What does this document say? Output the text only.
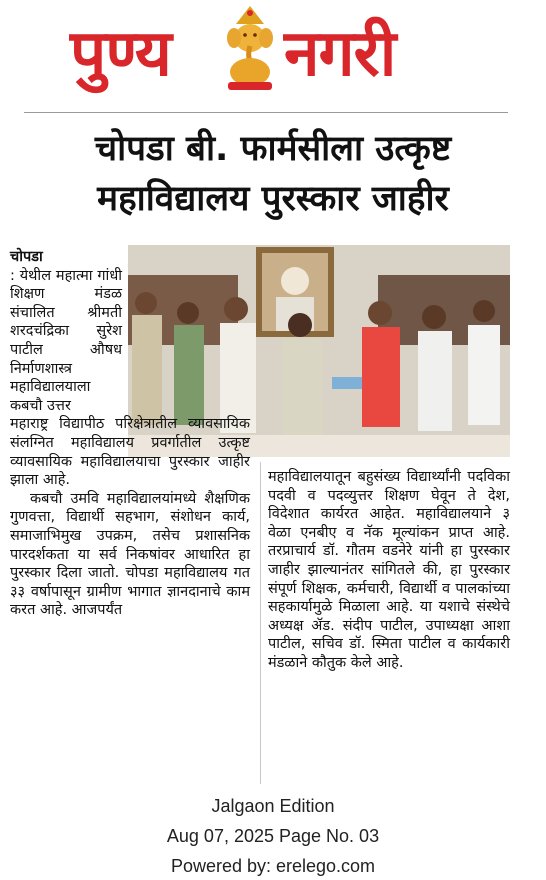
पुण्य नगरी
चोपडा बी. फार्मसीला उत्कृष्ट
महाविद्यालय पुरस्कार जाहीर
चोपडा

: येथील महात्मा गांधी शिक्षण मंडळ संचालित श्रीमती शरदचंद्रिका सुरेश पाटील औषध निर्माणशास्त्र महाविद्यालयाला कबचौ उत्तर

महाराष्ट्र विद्यापीठ परिक्षेत्रातील व्यावसायिक संलग्नित महाविद्यालय प्रवर्गातील उत्कृष्ट व्यावसायिक महाविद्यालयाचा पुरस्कार जाहीर झाला आहे.

कबचौ उमवि महाविद्यालयांमध्ये शैक्षणिक गुणवत्ता, विद्यार्थी सहभाग, संशोधन कार्य, समाजाभिमुख उपक्रम, तसेच प्रशासनिक पारदर्शकता या सर्व निकषांवर आधारित हा पुरस्कार दिला जातो. चोपडा महाविद्यालय गत ३३ वर्षापासून ग्रामीण भागात ज्ञानदानाचे काम करत आहे. आजपर्यंत

महाविद्यालयातून बहुसंख्य विद्यार्थ्यांनी पदविका पदवी व पदव्युत्तर शिक्षण घेवून ते देश, विदेशात कार्यरत आहेत. महाविद्यालयाने ३ वेळा एनबीए व नॅक मूल्यांकन प्राप्त आहे. तरप्राचार्य डॉ. गौतम वडनेरे यांनी हा पुरस्कार जाहीर झाल्यानंतर सांगितले की, हा पुरस्कार संपूर्ण शिक्षक, कर्मचारी, विद्यार्थी व पालकांच्या सहकार्यामुळे मिळाला आहे. या यशाचे संस्थेचे अध्यक्ष ॲड. संदीप पाटील, उपाध्यक्षा आशा पाटील, सचिव डॉ. स्मिता पाटील व कार्यकारी मंडळाने कौतुक केले आहे.

Jalgaon Edition
Aug 07, 2025 Page No. 03
Powered by: erelego.com
